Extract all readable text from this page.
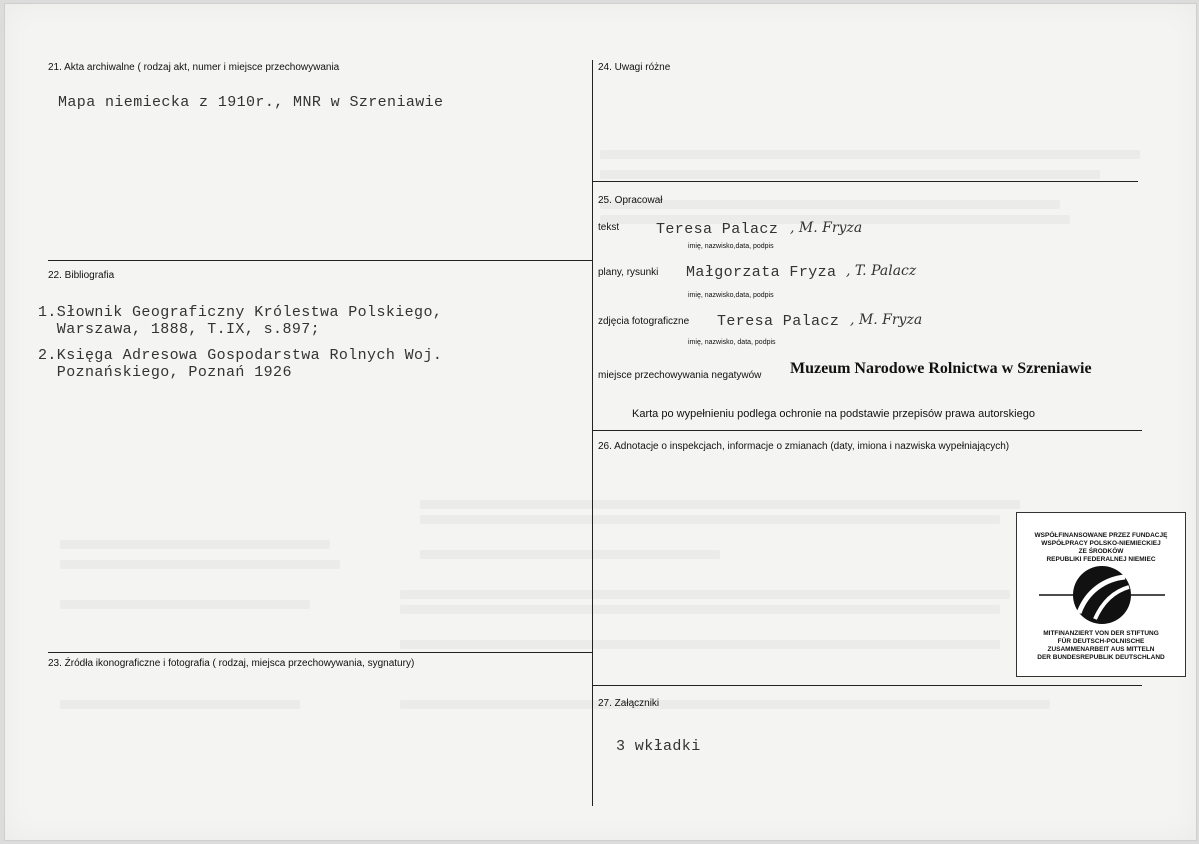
21. Akta archiwalne ( rodzaj akt, numer i miejsce przechowywania
Mapa niemiecka z 1910r., MNR w Szreniawie
22. Bibliografia
1.Słownik Geograficzny Królestwa Polskiego,
Warszawa, 1888, T.IX, s.897;
2.Księga Adresowa Gospodarstwa Rolnych Woj.
Poznańskiego, Poznań 1926
23. Źródła ikonograficzne i fotografia ( rodzaj, miejsca przechowywania, sygnatury)
24. Uwagi różne
25. Opracował
tekst Teresa Palacz , M. Fryza
imię, nazwisko,data, podpis
plany, rysunki Małgorzata Fryza , T. Palacz
imię, nazwisko,data, podpis
zdjęcia fotograficzne Teresa Palacz , M. Fryza
imię, nazwisko, data, podpis
miejsce przechowywania negatywów Muzeum Narodowe Rolnictwa w Szreniawie
Karta po wypełnieniu podlega ochronie na podstawie przepisów prawa autorskiego
26. Adnotacje o inspekcjach, informacje o zmianach (daty, imiona i nazwiska wypełniających)
27. Załączniki
3 wkładki
WSPÓŁFINANSOWANE PRZEZ FUNDACJĘ
WSPÓŁPRACY POLSKO-NIEMIECKIEJ
ZE ŚRODKÓW
REPUBLIKI FEDERALNEJ NIEMIEC
MITFINANZIERT VON DER STIFTUNG
FÜR DEUTSCH-POLNISCHE
ZUSAMMENARBEIT AUS MITTELN
DER BUNDESREPUBLIK DEUTSCHLAND
